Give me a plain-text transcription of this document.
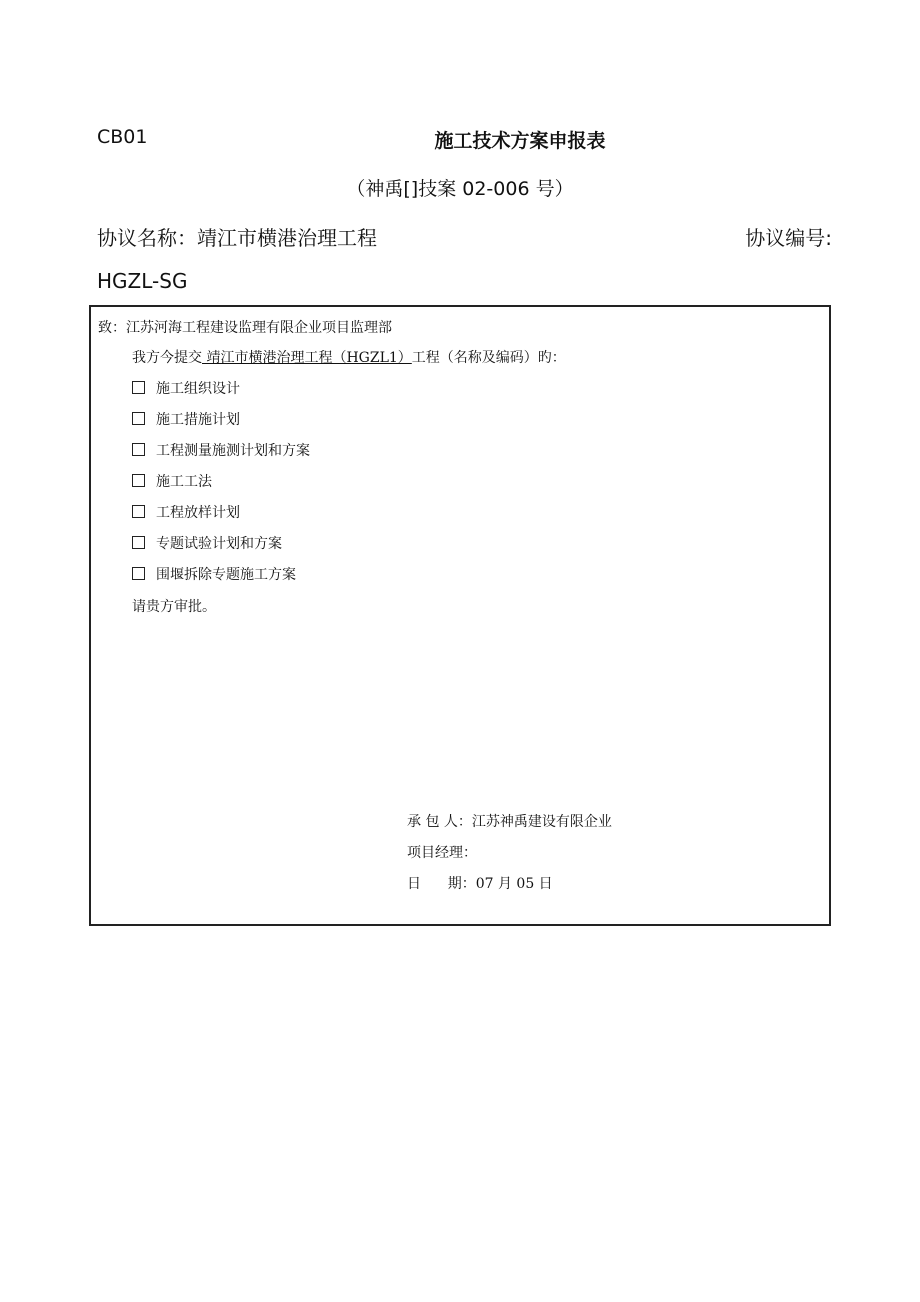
CB01	施工技术方案申报表
（神禹[]技案 02-006 号）
协议名称：靖江市横港治理工程	协议编号:
HGZL-SG
致：江苏河海工程建设监理有限企业项目监理部
我方今提交 靖江市横港治理工程（HGZL1）工程（名称及编码）旳：
施工组织设计
施工措施计划
工程测量施测计划和方案
施工工法
工程放样计划
专题试验计划和方案
围堰拆除专题施工方案
请贵方审批。
承 包 人：江苏神禹建设有限企业
项目经理：
日      期：07 月 05 日
